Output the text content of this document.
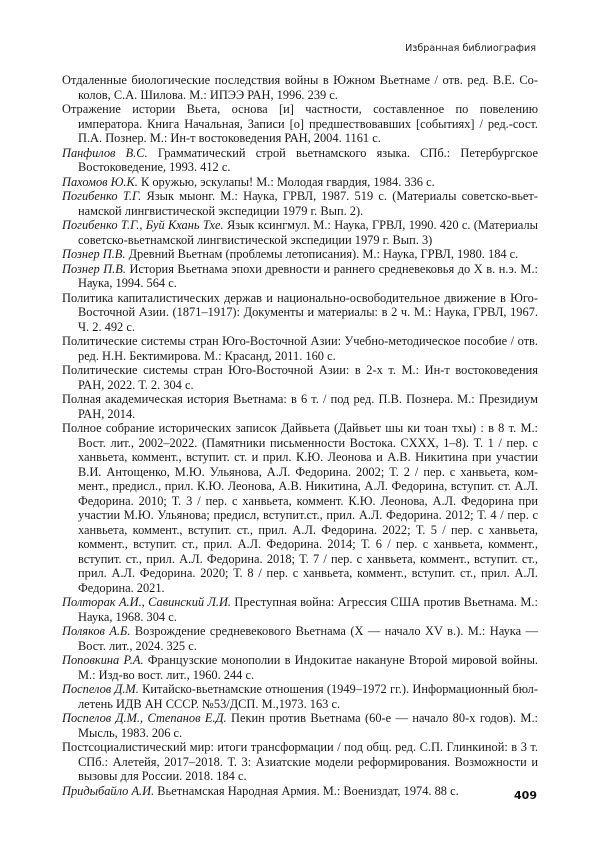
Избранная библиография

Отдаленные биологические последствия войны в Южном Вьетнаме / отв. ред. В.Е. Соколов, С.А. Шилова. М.: ИПЭЭ РАН, 1996. 239 с.

Отражение истории Вьета, основа [и] частности, составленное по повелению императора. Книга Начальная, Записи [о] предшествовавших [событиях] / ред.-сост. П.А. Познер. М.: Ин-т востоковедения РАН, 2004. 1161 с.

Панфилов В.С. Грамматический строй вьетнамского языка. СПб.: Петербургское Востоковедение, 1993. 412 с.

Пахомов Ю.К. К оружью, эскулапы! М.: Молодая гвардия, 1984. 336 с.

Погибенко Т.Г. Язык мыонг. М.: Наука, ГРВЛ, 1987. 519 с. (Материалы советско-вьетнамской лингвистической экспедиции 1979 г. Вып. 2).

Погибенко Т.Г., Буй Кхань Тхе. Язык ксингмул. М.: Наука, ГРВЛ, 1990. 420 с. (Материалы советско-вьетнамской лингвистической экспедиции 1979 г. Вып. 3)

Познер П.В. Древний Вьетнам (проблемы летописания). М.: Наука, ГРВЛ, 1980. 184 с.

Познер П.В. История Вьетнама эпохи древности и раннего средневековья до X в. н.э. М.: Наука, 1994. 564 с.

Политика капиталистических держав и национально-освободительное движение в Юго-Восточной Азии. (1871–1917): Документы и материалы: в 2 ч. М.: Наука, ГРВЛ, 1967. Ч. 2. 492 с.

Политические системы стран Юго-Восточной Азии: Учебно-методическое пособие / отв. ред. Н.Н. Бектимирова. М.: Красанд, 2011. 160 с.

Политические системы стран Юго-Восточной Азии: в 2-х т. М.: Ин-т востоковедения РАН, 2022. Т. 2. 304 с.

Полная академическая история Вьетнама: в 6 т. / под ред. П.В. Познера. М.: Президиум РАН, 2014.

Полное собрание исторических записок Дайвьета (Дайвьет шы ки тоан тхы) : в 8 т. М.: Вост. лит., 2002–2022. (Памятники письменности Востока. CXXX, 1–8). Т. 1 / пер. с ханвьета, коммент., вступит. ст. и прил. К.Ю. Леонова и А.В. Никитина при участии В.И. Антощенко, М.Ю. Ульянова, А.Л. Федорина. 2002; Т. 2 / пер. с ханвьета, коммент., предисл., прил. К.Ю. Леонова, А.В. Никитина, А.Л. Федорина, вступит. ст. А.Л. Федорина. 2010; Т. 3 / пер. с ханвьета, коммент. К.Ю. Леонова, А.Л. Федорина при участии М.Ю. Ульянова; предисл, вступит.ст., прил. А.Л. Федорина. 2012; Т. 4 / пер. с ханвьета, коммент., вступит. ст., прил. А.Л. Федорина. 2022; Т. 5 / пер. с ханвьета, коммент., вступит. ст., прил. А.Л. Федорина. 2014; Т. 6 / пер. с ханвьета, коммент., вступит. ст., прил. А.Л. Федорина. 2018; Т. 7 / пер. с ханвьета, коммент., вступит. ст., прил. А.Л. Федорина. 2020; Т. 8 / пер. с ханвьета, коммент., вступит. ст., прил. А.Л. Федорина. 2021.

Полторак А.И., Савинский Л.И. Преступная война: Агрессия США против Вьетнама. М.: Наука, 1968. 304 с.

Поляков А.Б. Возрождение средневекового Вьетнама (X — начало XV в.). М.: Наука — Вост. лит., 2024. 325 с.

Поповкина Р.А. Французские монополии в Индокитае накануне Второй мировой войны. М.: Изд-во вост. лит., 1960. 244 с.

Поспелов Д.М. Китайско-вьетнамские отношения (1949–1972 гг.). Информационный бюллетень ИДВ АН СССР. №53/ДСП. М.,1973. 163 с.

Поспелов Д.М., Степанов Е.Д. Пекин против Вьетнама (60-е — начало 80-х годов). М.: Мысль, 1983. 206 с.

Постсоциалистический мир: итоги трансформации / под общ. ред. С.П. Глинкиной: в 3 т. СПб.: Алетейя, 2017–2018. Т. 3: Азиатские модели реформирования. Возможности и вызовы для России. 2018. 184 с.

Придыбайло А.И. Вьетнамская Народная Армия. М.: Воениздат, 1974. 88 с.	409
